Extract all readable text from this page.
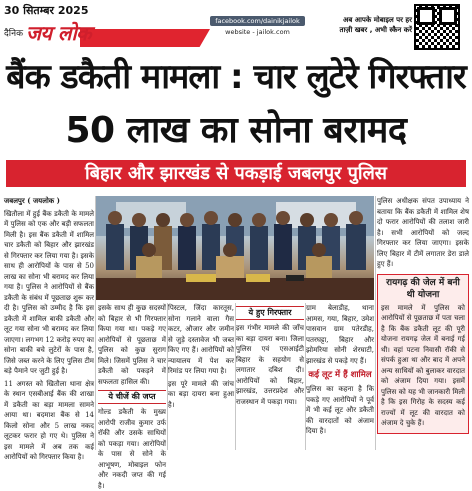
30 सितम्बर 2025
दैनिक जय लोक	facebook.com/dainikjailok
website - jailok.com
अब आपके मोबाइल पर हर
ताज़ी खबर , अभी स्कैन करें
बैंक डकैती मामला : चार लुटेरे गिरफ्तार
50 लाख का सोना बरामद
बिहार और झारखंड से पकड़ाई जबलपुर पुलिस

जबलपुर ( जयलोक )

खितौला में हुई बैंक डकैती के मामले में पुलिस को एक और बड़ी सफलता मिली है। इस बैंक डकैती में शामिल चार डकैती को बिहार और झारखंड से गिरफ्तार कर लिया गया है। इसके साथ ही आरोपियों के पास से 50 लाख का सोना भी बरामद कर लिया गया है। पुलिस ने आरोपियों से बैंक डकैती के संबंध में पूछताछ शुरू कर दी है। पुलिस को उम्मीद है कि इस डकैती में शामिल बाकी डकैती और लूट गया सोना भी बरामद कर लिया जाएगा। लगभग 12 करोड़ रुपए का सोना बाकी बचे लुटेरों के पास है, जिसे जब्त करने के लिए पुलिस टीम बड़े पैमाने पर जुटी हुई है।

11 अगस्त को खितौला थाना क्षेत्र के स्थान एसबीआई बैंक की शाखा में डकैती का बड़ा मामला सामने आया था। बदमाश बैंक से 14 किलो सोना और 5 लाख नकद लूटकर फरार हो गए थे। पुलिस ने इस मामले में अब तक कई आरोपियों को गिरफ्तार किया है।

इसके साथ ही कुछ सदस्यों को बिहार से भी गिरफ्तार किया गया था। पकड़े गए आरोपियों से पूछताछ में पुलिस को कुछ सुराग मिले। जिसमें पुलिस ने चार डकैती को पकड़ने में सफलता हासिल की।

ये चीजें की जप्त

गोल्ड डकैती के मुख्य आरोपी राजीव कुमार उर्फ रॉकी और उसके साथियों को पकड़ा गया। आरोपियों के पास से सोने के आभूषण, मोबाइल फोन और नकदी जप्त की गई है।

पिस्टल, जिंदा कारतूस, सोना गलाने वाला गैस कटर, औजार और जमीन से जुड़े दस्तावेज भी जब्त किए गए हैं। आरोपियों को न्यायालय में पेश कर रिमांड पर लिया गया है।

इस पूरे मामले की जांच का बड़ा दायरा बना हुआ है।

ये हुए गिरफ्तार

इस गंभीर मामले की जाँच का बड़ा दायरा बना। जिला पुलिस एवं एसआईटी बिहार के सहयोग से लगातार दबिश दी। आरोपियों को बिहार, झारखंड, उत्तरप्रदेश और राजस्थान में पकड़ा गया।

ग्राम बेलाडीह, थाना आमस, गया, बिहार, उमेश पासवान ग्राम पतेरडीह, पतरघट्टा, बिहार और झोमरिया सोनी शेरघाटी, झारखंड से पकड़े गए हैं।

कई लूट में हैं शामिल

पुलिस का कहना है कि पकड़े गए आरोपियों ने पूर्व में भी कई लूट और डकैती की वारदातों को अंजाम दिया है।

पुलिस अधीक्षक संपत उपाध्याय ने बताया कि बैंक डकैती में शामिल शेष दो फरार आरोपियों की तलाश जारी है। सभी आरोपियों को जल्द गिरफ्तार कर लिया जाएगा। इसके लिए बिहार में टीमें लगातार डेरा डाले हुए हैं।

रायगढ़ की जेल में बनी थी योजना

इस मामले में पुलिस को आरोपियों से पूछताछ में पता चला है कि बैंक डकैती लूट की पूरी योजना रायगढ़ जेल में बनाई गई थी। वहां पटना निवासी रॉकी से संपर्क हुआ था और बाद में अपने अन्य साथियों को बुलाकर वारदात को अंजाम दिया गया। इसमें पुलिस को यह भी जानकारी मिली है कि इस गिरोह के सदस्य कई राज्यों में लूट की वारदात को अंजाम दे चुके हैं।
